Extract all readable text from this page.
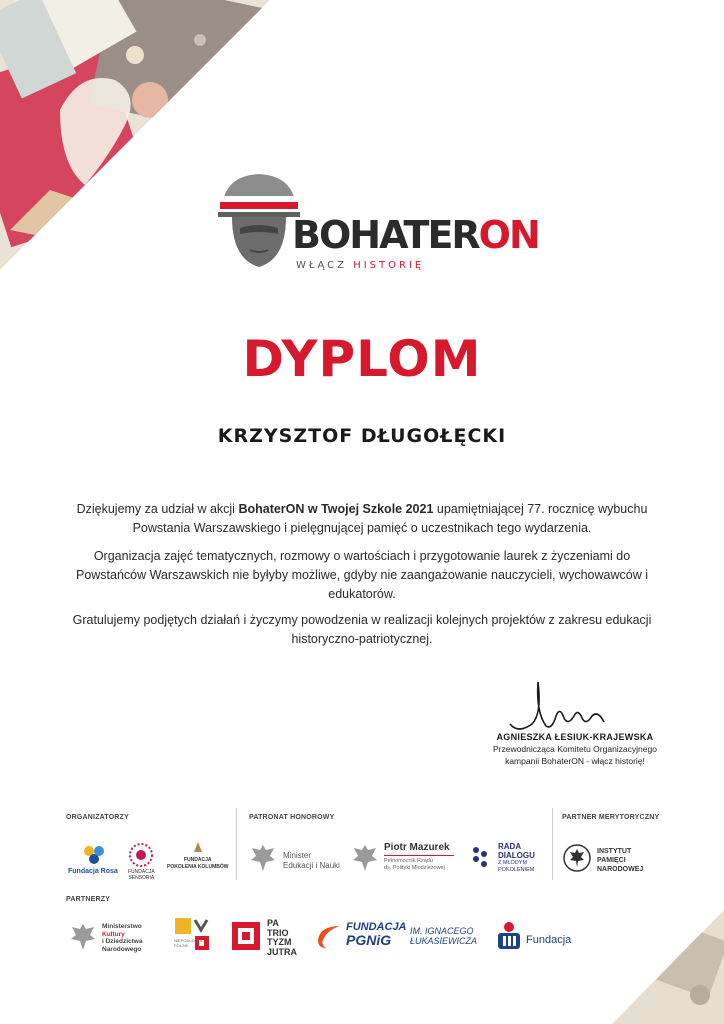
BOHATERON
WŁĄCZ HISTORIĘ
DYPLOM
KRZYSZTOF DŁUGOŁĘCKI
Dziękujemy za udział w akcji BohaterON w Twojej Szkole 2021 upamiętniającej 77. rocznicę wybuchu Powstania Warszawskiego i pielęgnującej pamięć o uczestnikach tego wydarzenia.
Organizacja zajęć tematycznych, rozmowy o wartościach i przygotowanie laurek z życzeniami do Powstańców Warszawskich nie byłyby możliwe, gdyby nie zaangażowanie nauczycieli, wychowawców i edukatorów.
Gratulujemy podjętych działań i życzymy powodzenia w realizacji kolejnych projektów z zakresu edukacji historyczno-patriotycznej.
AGNIESZKA ŁESIUK-KRAJEWSKA
Przewodnicząca Komitetu Organizacyjnego
kampanii BohaterON - włącz historię!
ORGANIZATORZY	PATRONAT HONOROWY	PARTNER MERYTORYCZNY
PARTNERZY
Fundacja Rosa FUNDACJA
SENSORIA
FUNDACJA
POKOLENIA KOLUMBÓW
Minister
Edukacji i Nauki
Piotr Mazurek
Pełnomocnik Rządu
ds. Polityki Młodzieżowej
RADA
DIALOGU
Z MŁODYM
POKOLENIEM
INSTYTUT
PAMIĘCI
NARODOWEJ
Ministerstwo
Kultury
i Dziedzictwa
Narodowego
NIEPODLEGŁA
POLSKI
PA
TRIO
TYZM
JUTRA
FUNDACJA
PGNiG
IM. IGNACEGO
ŁUKASIEWICZA	Fundacja
